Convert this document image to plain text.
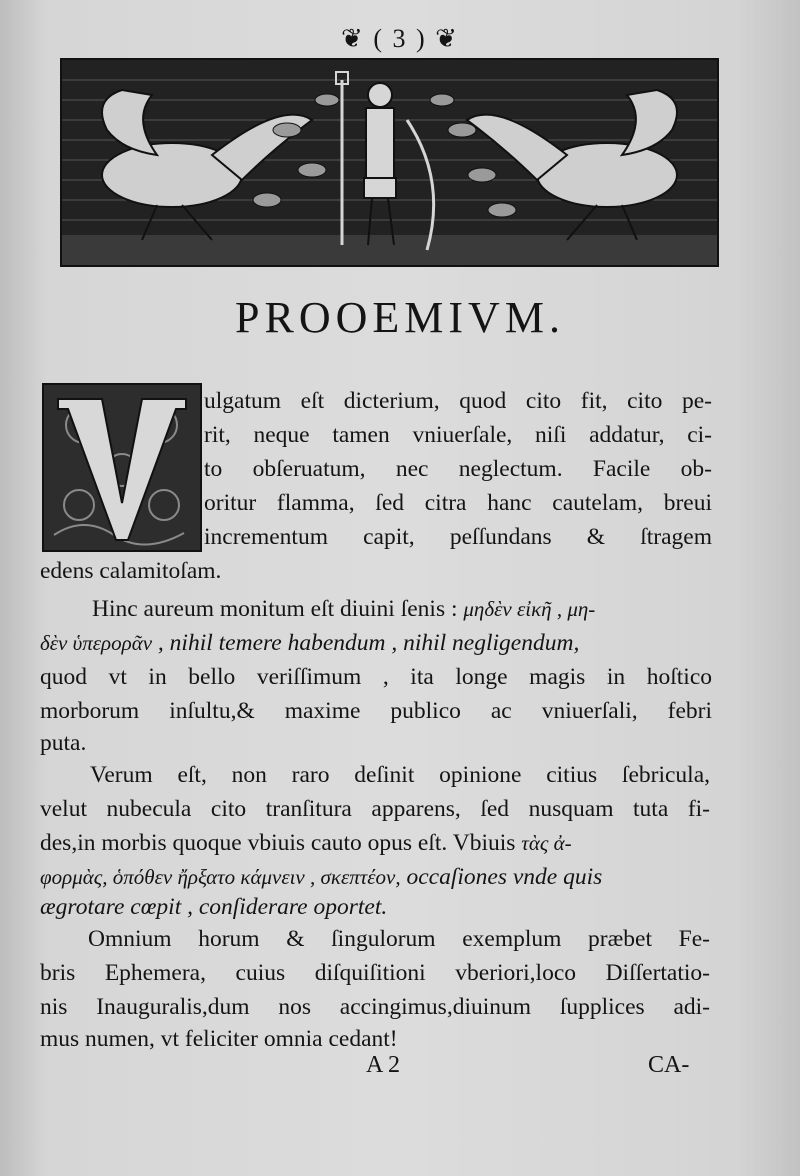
❦ ( 3 ) ❦
PROOEMIVM.
ulgatum eſt dicterium, quod cito fit, cito pe-
rit, neque tamen vniuerſale, niſi addatur, ci-
to obſeruatum, nec neglectum. Facile ob-
oritur flamma, ſed citra hanc cautelam, breui
incrementum capit, peſſundans & ſtragem
edens calamitoſam.
Hinc aureum monitum eſt diuini ſenis : μηδὲν εἰκῆ , μη-
δὲν ὑπερορᾶν , nihil temere habendum , nihil negligendum,
quod vt in bello veriſſimum , ita longe magis in hoſtico
morborum inſultu,& maxime publico ac vniuerſali, febri
puta.
Verum eſt, non raro deſinit opinione citius ſebricula,
velut nubecula cito tranſitura apparens, ſed nusquam tuta fi-
des,in morbis quoque vbiuis cauto opus eſt. Vbiuis τὰς ἀ-
φορμὰς, ὁπόθεν ἤρξατο κάμνειν , σκεπτέον, occaſiones vnde quis
ægrotare cœpit , conſiderare oportet.
Omnium horum & ſingulorum exemplum præbet Fe-
bris Ephemera, cuius diſquiſitioni vberiori,loco Diſſertatio-
nis Inauguralis,dum nos accingimus,diuinum ſupplices adi-
mus numen, vt feliciter omnia cedant!
A 2	CA-
